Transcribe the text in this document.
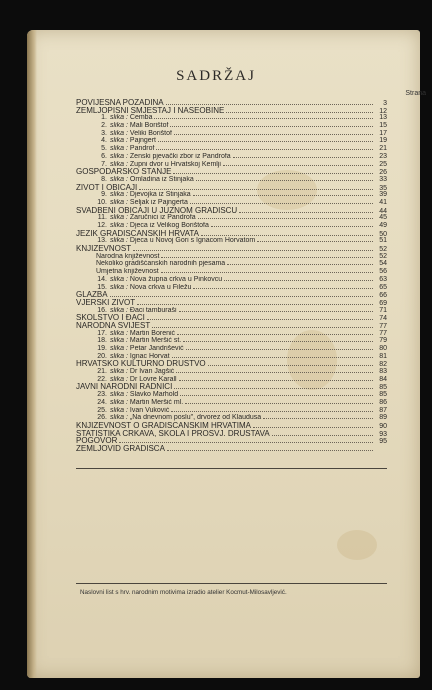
SADRŽAJ
Strana
POVIJESNA POZADINA	3
ZEMLJOPISNI SMJEŠTAJ I NASEOBINE	12
1. slika : Čemba	13
2. slika : Mali Borištof	15
3. slika : Veliki Borištof	17
4. slika : Pajngert	19
5. slika : Pandrof	21
6. slika : Ženski pjevački zbor iz Pandrofa	23
7. slika : Župni dvor u Hrvatskoj Kemlji	25
GOSPODARSKO STANJE	26
8. slika : Omladina iz Stinjaka	33
ŽIVOT I OBIČAJI	35
9. slika : Djevojka iz Stinjaka	39
10. slika : Seljak iz Pajngerta	41
SVADBENI OBIČAJI U JUŽNOM GRADIŠĆU	44
11. slika : Zaručnici iz Pandrofa	45
12. slika : Djeca iz Velikog Borištofa	49
JEZIK GRADIŠĆANSKIH HRVATA	50
13. slika : Djeca u Novoj Gori s Ignacom Horvatom	51
KNJIŽEVNOST	52
Narodna književnost	52
Nekoliko gradišćanskih narodnih pjesama	54
Umjetna književnost	56
14. slika : Nova župna crkva u Pinkovcu	63
15. slika : Nova crkva u Filežu	65
GLAZBA	66
VJERSKI ŽIVOT	69
16. slika : Đaci tamburaši	71
ŠKOLSTVO I ĐACI	74
NARODNA SVIJEST	77
17. slika : Martin Borenić	77
18. slika : Martin Meršić st.	79
19. slika : Petar Jandrišević	80
20. slika : Ignac Horvat	81
HRVATSKO KULTURNO DRUŠTVO	82
21. slika : Dr Ivan Jagšić	83
22. slika : Dr Lovre Karall	84
JAVNI NARODNI RADNICI	85
23. slika : Slavko Marhold	85
24. slika : Martin Meršić ml.	86
25. slika : Ivan Vuković	87
26. slika : „Na dnevnom poslu", drvorez od Klaudusa	89
KNJIŽEVNOST O GRADIŠĆANSKIM HRVATIMA	90
STATISTIKA CRKAVA, ŠKOLA I PROSVJ. DRUŠTAVA	93
POGOVOR	95
ZEMLJOVID GRADIŠĆA
Naslovni list s hrv. narodnim motivima izradio atelier Kocmut-Milosavljević.
